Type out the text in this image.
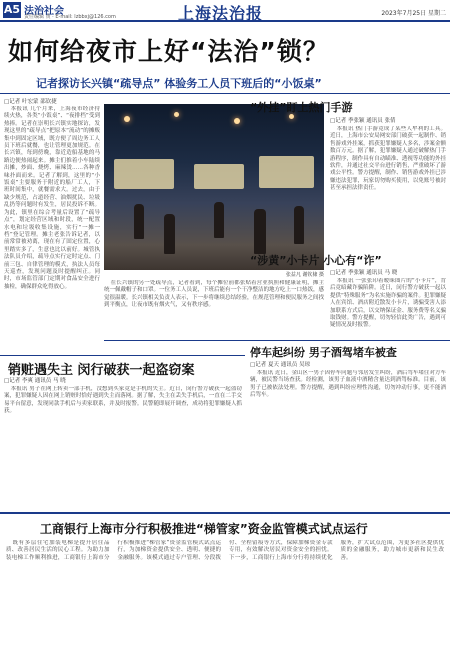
A5 法治社会
责任编辑 黄 · E-mail: lzbbxj@126.com	上海法治报	2023年7月25日 星期二
如何给夜市上好“法治”锁？
记者探访长兴镇“疏导点” 体验务工人员下班后的“小饭桌”
□记者 叶宏蒙 邵钦捷

本报讯 几个月来，上海夜市经济持续火热，各类“小饭桌”、“夜排档”受到热捧。记者在崇明长兴镇实地探访，发现这里的“疏导点”把原本“流动”的摊贩集中到固定区域，既方便了周边务工人员下班后就餐，也让管理更加规范。在长兴镇，每到傍晚，靠近造船基地的马路边便热闹起来。摊主们推着小车陆续出摊，炒面、烧烤、麻辣烫……各种香味扑面而来。记者了解到，这里的“小饭桌”主要服务于附近的船厂工人，下班时间集中，就餐需求大。过去，由于缺少规范，占道经营、油烟扰民、垃圾乱扔等问题时有发生，居民投诉不断。为此，镇里在综合考量后设置了“疏导点”，划定经营区域和时段，统一配置水电和垃圾收集设施，实行“一摊一档”登记管理。摊主老张告诉记者，以前常常被劝离，现在有了固定位置，心里踏实多了，生意也比以前好。城管执法队员介绍，疏导点实行定时定点、门前三包、自律管理的模式，执法人员每天巡查，发现问题及时提醒纠正。同时，市场监管部门定期对食品安全进行抽检，确保群众吃得放心。

张益凡 谢钦棣 摄

在长兴镇的另一处疏导点，记者看到，每个摊位前都张贴着营业执照和健康证明，摊主统一佩戴帽子和口罩。一位务工人员说，下班后能有一个干净整洁的地方吃上一口热饭，感觉很温暖。长兴镇相关负责人表示，下一步将继续总结经验，在规范管理和便民服务之间找到平衡点，让夜市既有烟火气，又有秩序感。

“外挂”盯上热门手游
□记者 季张颖 通讯员 张倩

本报讯 热门手游竟成了某些人牟利的工具。近日，上海市公安局网安部门破获一起制作、销售游戏外挂案，抓获犯罪嫌疑人多名，涉案金额数百万元。据了解，犯罪嫌疑人通过破解热门手游程序，制作具有自动瞄准、透视等功能的外挂软件，并通过社交平台进行销售，严重破坏了游戏公平性。警方提醒，制作、销售游戏外挂已涉嫌违法犯罪，玩家切勿购买使用，以免账号被封甚至承担法律责任。

“涉黄”小卡片 小心有“诈”
□记者 季张颖 通讯员 马 晓

本报讯 一张张印着暧昧图片的“小卡片”，背后竟暗藏诈骗陷阱。近日，闵行警方破获一起以提供“特殊服务”为名实施诈骗的案件。犯罪嫌疑人在宾馆、酒店附近散发小卡片，诱骗受害人添加联系方式后，以交纳保证金、服务费等名义骗取钱财。警方提醒，切勿轻信此类广告，遇到可疑情况及时报警。

停车起纠纷 男子酒驾堵车被查
□记者 夏天 通讯员 吴琼

本报讯 近日，金山区一男子因停车问题与邻居发生纠纷，酒后驾车堵住对方车辆，被民警当场查获。经检测，该男子血液中酒精含量达到酒驾标准。目前，该男子已被依法处理。警方提醒，遇到纠纷应理性沟通，切勿冲动行事，更不能酒后驾车。

销赃遇失主 闵行破获一起盗窃案
□记者 李爽 通讯员 马 晓

本报讯 男子在网上转卖一部手机，没想到买家竟是手机的失主。近日，闵行警方破获一起盗窃案，犯罪嫌疑人因在网上销赃时恰好遇到失主而落网。据了解，失主在丢失手机后，一直在二手交易平台留意，发现同款手机后与卖家联系，并及时报警。民警随即展开调查，成功将犯罪嫌疑人抓获。

工商银行上海市分行积极推进“梯管家”资金监管模式试点运行

既有多层住宅加装电梯是提升居住品质、改善居民生活的民心工程。为助力加装电梯工作顺利推进，工商银行上海市分行积极推进“梯管家”资金监管模式试点运行，为加梯资金提供安全、透明、便捷的金融服务。该模式通过专户管理、分段拨付、全程留痕等方式，保障加梯资金专款专用，有效解决居民对资金安全的担忧。下一步，工商银行上海市分行将持续优化服务，扩大试点范围，为更多社区提供优质的金融服务，助力城市更新和民生改善。
